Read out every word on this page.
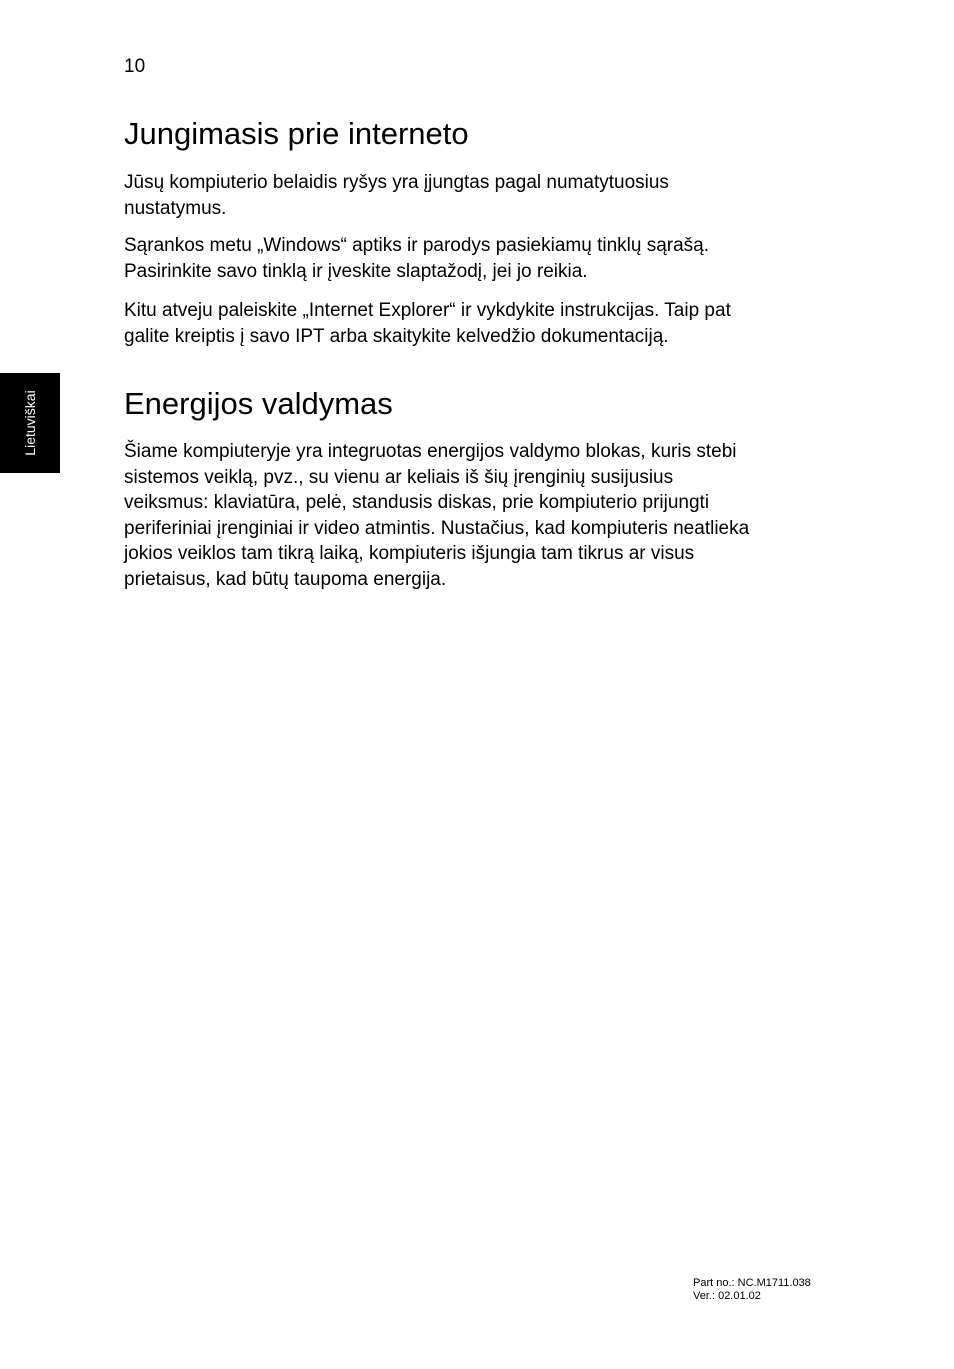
10
Jungimasis prie interneto

Jūsų kompiuterio belaidis ryšys yra įjungtas pagal numatytuosius
nustatymus.

Sąrankos metu „Windows“ aptiks ir parodys pasiekiamų tinklų sąrašą.
Pasirinkite savo tinklą ir įveskite slaptažodį, jei jo reikia.

Kitu atveju paleiskite „Internet Explorer“ ir vykdykite instrukcijas. Taip pat
galite kreiptis į savo IPT arba skaitykite kelvedžio dokumentaciją.

Energijos valdymas

Šiame kompiuteryje yra integruotas energijos valdymo blokas, kuris stebi
sistemos veiklą, pvz., su vienu ar keliais iš šių įrenginių susijusius
veiksmus: klaviatūra, pelė, standusis diskas, prie kompiuterio prijungti
periferiniai įrenginiai ir video atmintis. Nustačius, kad kompiuteris neatlieka
jokios veiklos tam tikrą laiką, kompiuteris išjungia tam tikrus ar visus
prietaisus, kad būtų taupoma energija.

Lietuviškai
Part no.: NC.M1711.038
Ver.: 02.01.02
